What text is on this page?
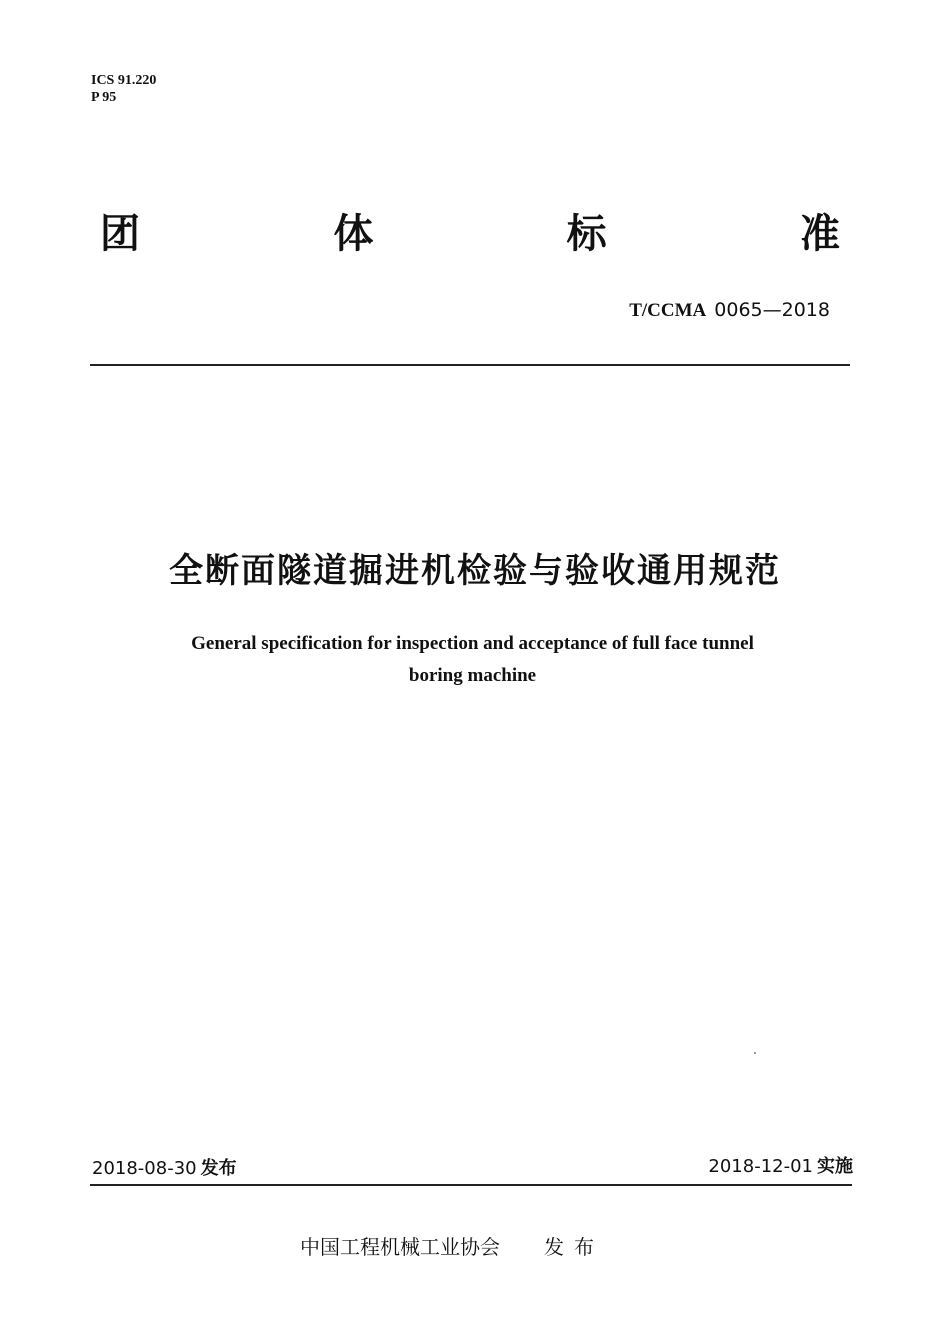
ICS 91.220
P 95
团	体	标	准
T/CCMA 0065—2018
全断面隧道掘进机检验与验收通用规范
General specification for inspection and acceptance of full face tunnel
boring machine
2018-08-30 发布	2018-12-01 实施
中国工程机械工业协会 发布
